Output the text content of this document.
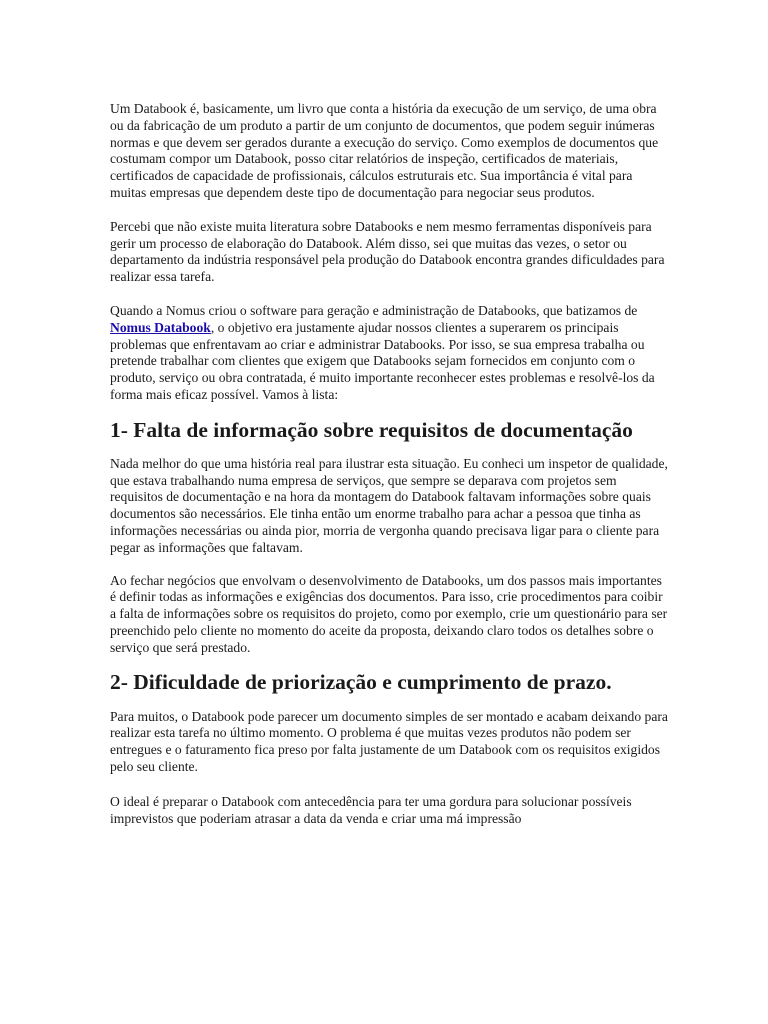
Um Databook é, basicamente, um livro que conta a história da execução de um serviço, de uma obra ou da fabricação de um produto a partir de um conjunto de documentos, que podem seguir inúmeras normas e que devem ser gerados durante a execução do serviço. Como exemplos de documentos que costumam compor um Databook, posso citar relatórios de inspeção, certificados de materiais, certificados de capacidade de profissionais, cálculos estruturais etc. Sua importância é vital para muitas empresas que dependem deste tipo de documentação para negociar seus produtos.

Percebi que não existe muita literatura sobre Databooks e nem mesmo ferramentas disponíveis para gerir um processo de elaboração do Databook. Além disso, sei que muitas das vezes, o setor ou departamento da indústria responsável pela produção do Databook encontra grandes dificuldades para realizar essa tarefa.

Quando a Nomus criou o software para geração e administração de Databooks, que batizamos de Nomus Databook, o objetivo era justamente ajudar nossos clientes a superarem os principais problemas que enfrentavam ao criar e administrar Databooks. Por isso, se sua empresa trabalha ou pretende trabalhar com clientes que exigem que Databooks sejam fornecidos em conjunto com o produto, serviço ou obra contratada, é muito importante reconhecer estes problemas e resolvê-los da forma mais eficaz possível. Vamos à lista:

1- Falta de informação sobre requisitos de documentação

Nada melhor do que uma história real para ilustrar esta situação. Eu conheci um inspetor de qualidade, que estava trabalhando numa empresa de serviços, que sempre se deparava com projetos sem requisitos de documentação e na hora da montagem do Databook faltavam informações sobre quais documentos são necessários. Ele tinha então um enorme trabalho para achar a pessoa que tinha as informações necessárias ou ainda pior, morria de vergonha quando precisava ligar para o cliente para pegar as informações que faltavam.

Ao fechar negócios que envolvam o desenvolvimento de Databooks, um dos passos mais importantes é definir todas as informações e exigências dos documentos. Para isso, crie procedimentos para coibir a falta de informações sobre os requisitos do projeto, como por exemplo, crie um questionário para ser preenchido pelo cliente no momento do aceite da proposta, deixando claro todos os detalhes sobre o serviço que será prestado.

2- Dificuldade de priorização e cumprimento de prazo.

Para muitos, o Databook pode parecer um documento simples de ser montado e acabam deixando para realizar esta tarefa no último momento. O problema é que muitas vezes produtos não podem ser entregues e o faturamento fica preso por falta justamente de um Databook com os requisitos exigidos pelo seu cliente.

O ideal é preparar o Databook com antecedência para ter uma gordura para solucionar possíveis imprevistos que poderiam atrasar a data da venda e criar uma má impressão
